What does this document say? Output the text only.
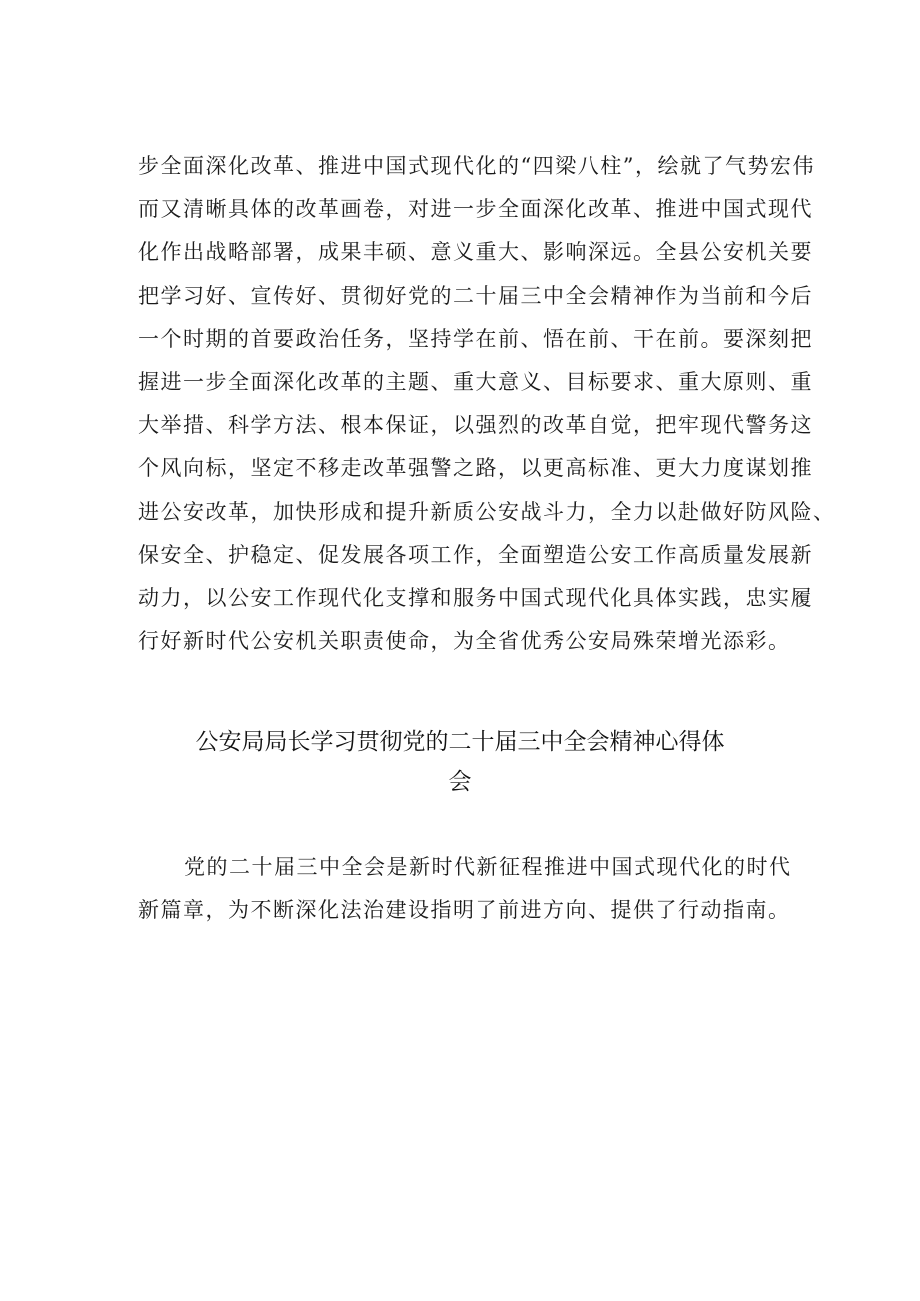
步全面深化改革、推进中国式现代化的“四梁八柱”，绘就了气势宏伟
而又清晰具体的改革画卷，对进一步全面深化改革、推进中国式现代
化作出战略部署，成果丰硕、意义重大、影响深远。全县公安机关要
把学习好、宣传好、贯彻好党的二十届三中全会精神作为当前和今后
一个时期的首要政治任务，坚持学在前、悟在前、干在前。要深刻把
握进一步全面深化改革的主题、重大意义、目标要求、重大原则、重
大举措、科学方法、根本保证，以强烈的改革自觉，把牢现代警务这
个风向标，坚定不移走改革强警之路，以更高标准、更大力度谋划推
进公安改革，加快形成和提升新质公安战斗力，全力以赴做好防风险、
保安全、护稳定、促发展各项工作，全面塑造公安工作高质量发展新
动力，以公安工作现代化支撑和服务中国式现代化具体实践，忠实履
行好新时代公安机关职责使命，为全省优秀公安局殊荣增光添彩。
公安局局长学习贯彻党的二十届三中全会精神心得体
会
党的二十届三中全会是新时代新征程推进中国式现代化的时代
新篇章，为不断深化法治建设指明了前进方向、提供了行动指南。
